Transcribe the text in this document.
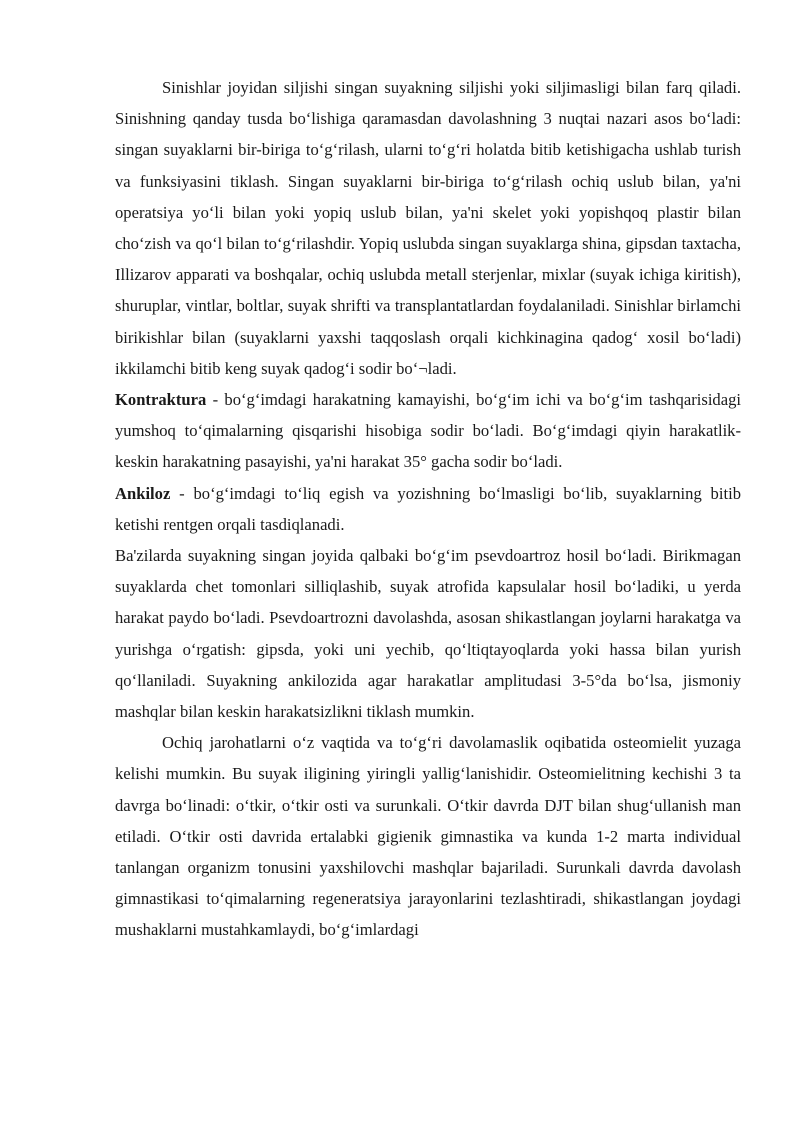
Sinishlar joyidan siljishi singan suyakning siljishi yoki siljimasligi bilan farq qiladi. Sinishning qanday tusda boʻlishiga qaramasdan davolashning 3 nuqtai nazari asos boʻladi: singan suyaklarni bir-biriga toʻgʻrilash, ularni toʻgʻri holatda bitib ketishigacha ushlab turish va funksiyasini tiklash. Singan suyaklarni bir-biriga toʻgʻrilash ochiq uslub bilan, ya'ni operatsiya yoʻli bilan yoki yopiq uslub bilan, ya'ni skelet yoki yopishqoq plastir bilan choʻzish va qoʻl bilan toʻgʻrilashdir. Yopiq uslubda singan suyaklarga shina, gipsdan taxtacha, Illizarov apparati va boshqalar, ochiq uslubda metall sterjenlar, mixlar (suyak ichiga kiritish), shuruplar, vintlar, boltlar, suyak shrifti va transplantatlardan foydalaniladi. Sinishlar birlamchi birikishlar bilan (suyaklarni yaxshi taqqoslash orqali kichkinagina qadogʻ xosil boʻladi) ikkilamchi bitib keng suyak qadogʻi sodir boʻ¬ladi.

Kontraktura - boʻgʻimdagi harakatning kamayishi, boʻgʻim ichi va boʻgʻim tashqarisidagi yumshoq toʻqimalarning qisqarishi hisobiga sodir boʻladi. Boʻgʻimdagi qiyin harakatlik-keskin harakatning pasayishi, ya'ni harakat 35° gacha sodir boʻladi.

Ankiloz - boʻgʻimdagi toʻliq egish va yozishning boʻlmasligi boʻlib, suyaklarning bitib ketishi rentgen orqali tasdiqlanadi.

Ba'zilarda suyakning singan joyida qalbaki boʻgʻim psevdoartroz hosil boʻladi. Birikmagan suyaklarda chet tomonlari silliqlashib, suyak atrofida kapsulalar hosil boʻladiki, u yerda harakat paydo boʻladi. Psevdoartrozni davolashda, asosan shikastlangan joylarni harakatga va yurishga oʻrgatish: gipsda, yoki uni yechib, qoʻltiqtayoqlarda yoki hassa bilan yurish qoʻllaniladi. Suyakning ankilozida agar harakatlar amplitudasi 3-5°da boʻlsa, jismoniy mashqlar bilan keskin harakatsizlikni tiklash mumkin.

Ochiq jarohatlarni oʻz vaqtida va toʻgʻri davolamaslik oqibatida osteomielit yuzaga kelishi mumkin. Bu suyak iligining yiringli yalligʻlanishidir. Osteomielitning kechishi 3 ta davrga boʻlinadi: oʻtkir, oʻtkir osti va surunkali. Oʻtkir davrda DJT bilan shugʻullanish man etiladi. Oʻtkir osti davrida ertalabki gigienik gimnastika va kunda 1-2 marta individual tanlangan organizm tonusini yaxshilovchi mashqlar bajariladi. Surunkali davrda davolash gimnastikasi toʻqimalarning regeneratsiya jarayonlarini tezlashtiradi, shikastlangan joydagi mushaklarni mustahkamlaydi, boʻgʻimlardagi
